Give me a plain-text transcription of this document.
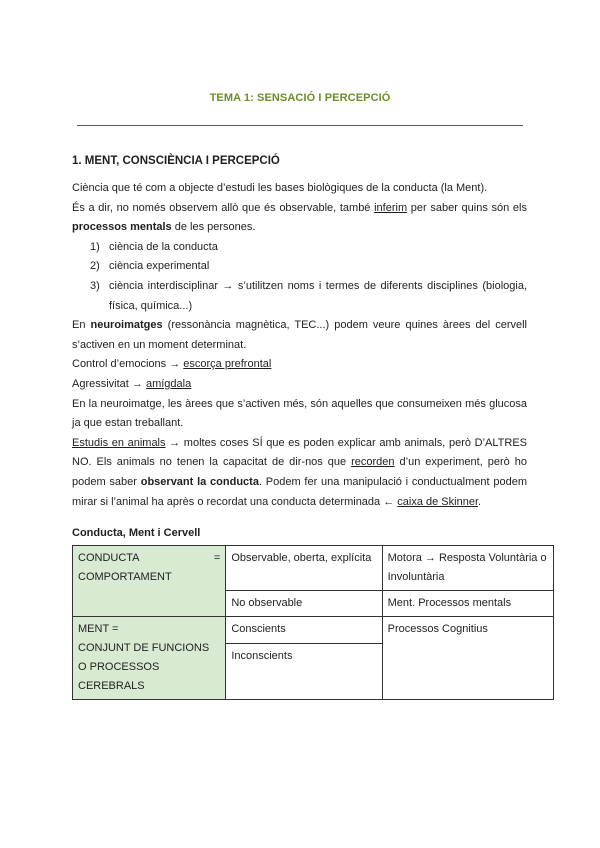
TEMA 1: SENSACIÓ I PERCEPCIÓ
1. MENT, CONSCIÈNCIA I PERCEPCIÓ

Ciència que té com a objecte d’estudi les bases biològiques de la conducta (la Ment).

És a dir, no només observem allò que és observable, també inferim per saber quins són els processos mentals de les persones.

1) ciència de la conducta
2) ciència experimental
3) ciència interdisciplinar → s’utilitzen noms i termes de diferents disciplines (biologia, física, química...)

En neuroimatges (ressonància magnètica, TEC...) podem veure quines àrees del cervell s’activen en un moment determinat.

Control d’emocions → escorça prefrontal

Agressivitat → amígdala

En la neuroimatge, les àrees que s’activen més, són aquelles que consumeixen més glucosa ja que estan treballant.

Estudis en animals → moltes coses SÍ que es poden explicar amb animals, però D’ALTRES NO. Els animals no tenen la capacitat de dir-nos que recorden d’un experiment, però ho podem saber observant la conducta. Podem fer una manipulació i conductualment podem mirar si l’animal ha après o recordat una conducta determinada ← caixa de Skinner.

Conducta, Ment i Cervell
CONDUCTA =
COMPORTAMENT	Observable, oberta, explícita	Motora → Resposta Voluntària o Involuntària
	No observable	Ment. Processos mentals

MENT =
CONJUNT DE FUNCIONS
O PROCESSOS
CEREBRALS	Conscients	Processos Cognitius
	Inconscients	
